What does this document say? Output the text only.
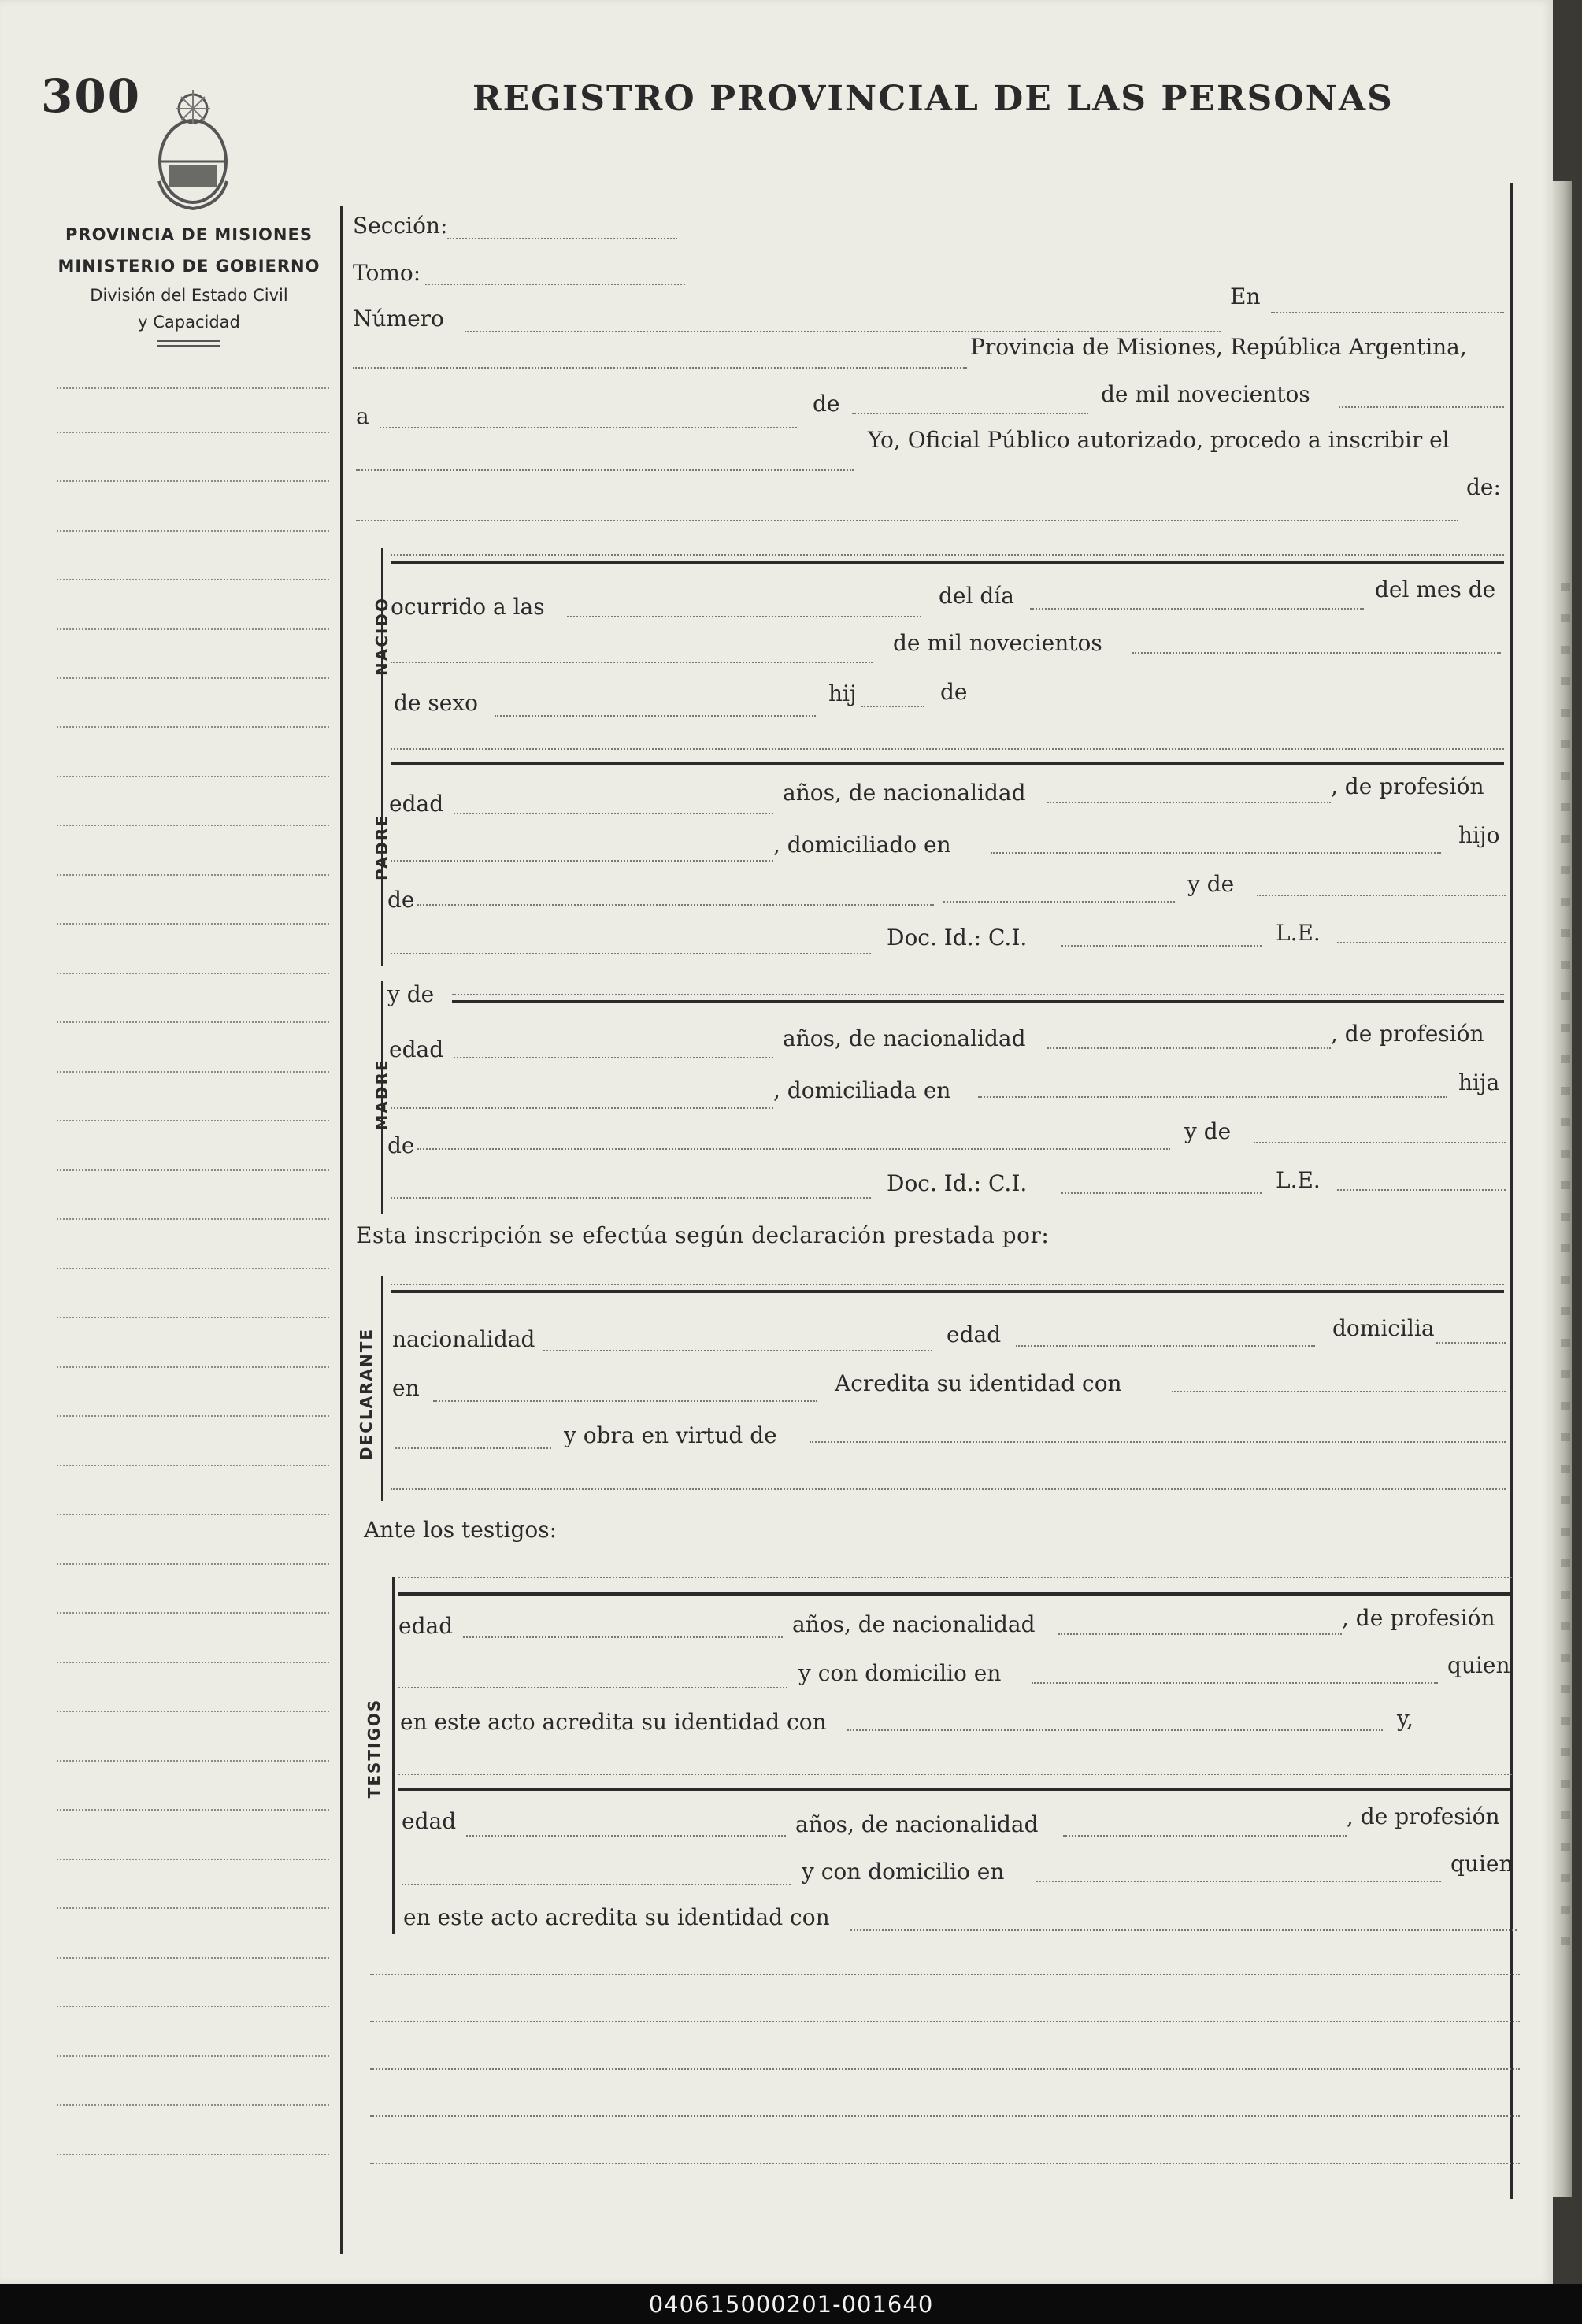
300	REGISTRO PROVINCIAL DE LAS PERSONAS
PROVINCIA DE MISIONES
MINISTERIO DE GOBIERNO
División del Estado Civil
y Capacidad
Sección:
Tomo:
Número
En
Provincia de Misiones, República Argentina,
a	de	de mil novecientos
Yo, Oficial Público autorizado, procedo a inscribir el
de:
NACIDO ocurrido a las	del día	del mes de
de mil novecientos
de sexo	hij	de
PADRE
edad	años, de nacionalidad	, de profesión
, domiciliado en	hijo
de
y de
Doc. Id.: C.I.	L.E.
MADRE
y de
edad	años, de nacionalidad	, de profesión
, domiciliada en	hija
de
y de
Doc. Id.: C.I.	L.E.
Esta inscripción se efectúa según declaración prestada por:
DECLARANTE nacionalidad	edad	domicilia
en	Acredita su identidad con
y obra en virtud de
Ante los testigos:
TESTIGOS
edad	años, de nacionalidad	, de profesión
y con domicilio en	quien
en este acto acredita su identidad con	y,
edad	años, de nacionalidad	, de profesión
y con domicilio en	quien
en este acto acredita su identidad con
040615000201-001640
